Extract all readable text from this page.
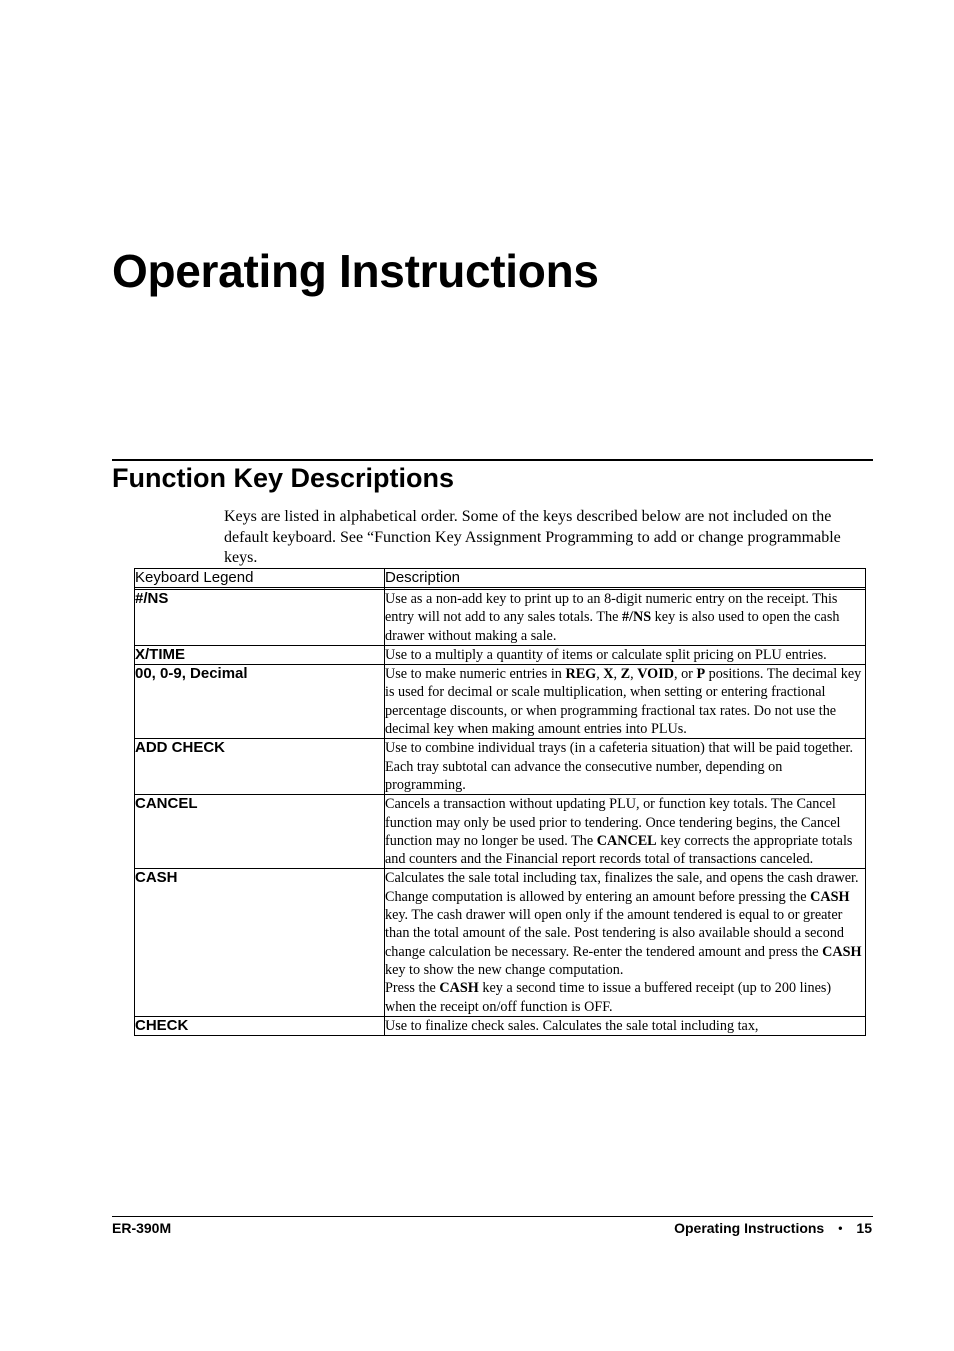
Operating Instructions
Function Key Descriptions

Keys are listed in alphabetical order. Some of the keys described below are not included on the default keyboard. See “Function Key Assignment Programming to add or change programmable keys.

Keyboard Legend	Description

#/NS	Use as a non-add key to print up to an 8-digit numeric entry on the receipt. This entry will not add to any sales totals. The #/NS key is also used to open the cash drawer without making a sale.
X/TIME	Use to a multiply a quantity of items or calculate split pricing on PLU entries.
00, 0-9, Decimal	Use to make numeric entries in REG, X, Z, VOID, or P positions. The decimal key is used for decimal or scale multiplication, when setting or entering fractional percentage discounts, or when programming fractional tax rates. Do not use the decimal key when making amount entries into PLUs.
ADD CHECK	Use to combine individual trays (in a cafeteria situation) that will be paid together. Each tray subtotal can advance the consecutive number, depending on programming.
CANCEL	Cancels a transaction without updating PLU, or function key totals. The Cancel function may only be used prior to tendering. Once tendering begins, the Cancel function may no longer be used. The CANCEL key corrects the appropriate totals and counters and the Financial report records total of transactions canceled.
CASH	Calculates the sale total including tax, finalizes the sale, and opens the cash drawer. Change computation is allowed by entering an amount before pressing the CASH key. The cash drawer will open only if the amount tendered is equal to or greater than the total amount of the sale. Post tendering is also available should a second change calculation be necessary. Re-enter the tendered amount and press the CASH key to show the new change computation.
Press the CASH key a second time to issue a buffered receipt (up to 200 lines) when the receipt on/off function is OFF.
CHECK	Use to finalize check sales. Calculates the sale total including tax,
ER-390M	Operating Instructions • 15
